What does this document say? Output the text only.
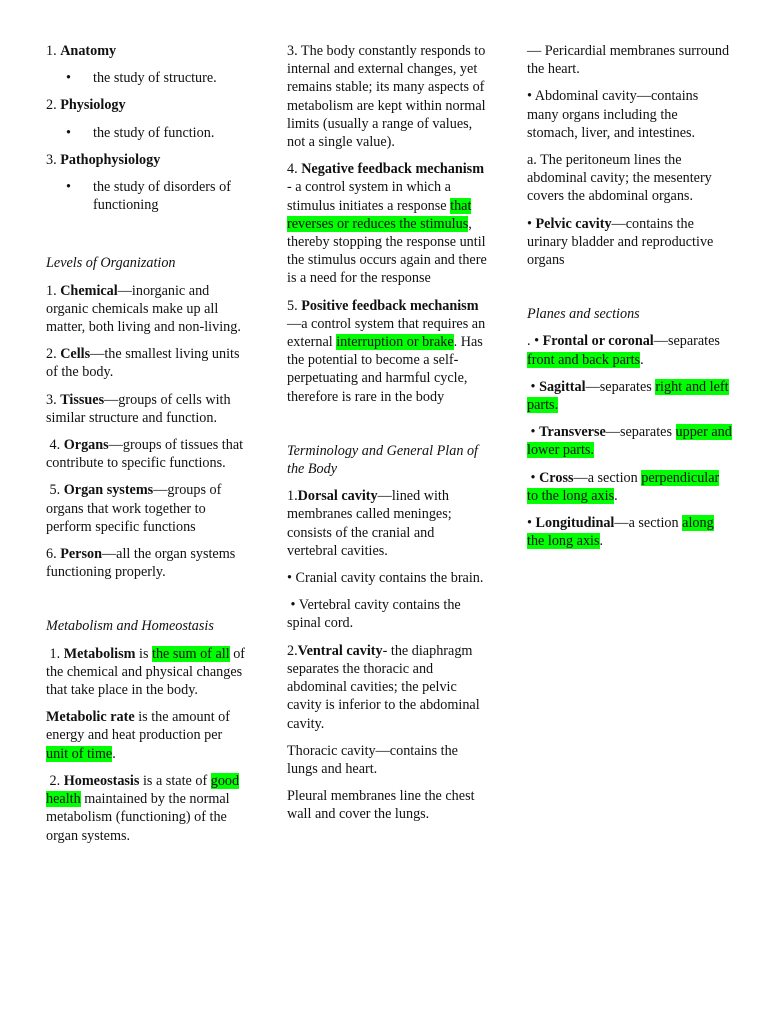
1. Anatomy

• the study of structure.

2. Physiology

• the study of function.

3. Pathophysiology

• the study of disorders of functioning

Levels of Organization

1. Chemical—inorganic and organic chemicals make up all matter, both living and non-living.

2. Cells—the smallest living units of the body.

3. Tissues—groups of cells with similar structure and function.

4. Organs—groups of tissues that contribute to specific functions.

5. Organ systems—groups of organs that work together to perform specific functions

6. Person—all the organ systems functioning properly.

Metabolism and Homeostasis

1. Metabolism is the sum of all of the chemical and physical changes that take place in the body.

Metabolic rate is the amount of energy and heat production per unit of time.

2. Homeostasis is a state of good health maintained by the normal metabolism (functioning) of the organ systems.

3. The body constantly responds to internal and external changes, yet remains stable; its many aspects of metabolism are kept within normal limits (usually a range of values, not a single value).

4. Negative feedback mechanism - a control system in which a stimulus initiates a response that reverses or reduces the stimulus, thereby stopping the response until the stimulus occurs again and there is a need for the response

5. Positive feedback mechanism—a control system that requires an external interruption or brake. Has the potential to become a self-perpetuating and harmful cycle, therefore is rare in the body

Terminology and General Plan of the Body

1.Dorsal cavity—lined with membranes called meninges; consists of the cranial and vertebral cavities.

• Cranial cavity contains the brain.

• Vertebral cavity contains the spinal cord.

2.Ventral cavity- the diaphragm separates the thoracic and abdominal cavities; the pelvic cavity is inferior to the abdominal cavity.

Thoracic cavity—contains the lungs and heart.

Pleural membranes line the chest wall and cover the lungs.

— Pericardial membranes surround the heart.

• Abdominal cavity—contains many organs including the stomach, liver, and intestines.

a. The peritoneum lines the abdominal cavity; the mesentery covers the abdominal organs.

• Pelvic cavity—contains the urinary bladder and reproductive organs

Planes and sections

. • Frontal or coronal—separates front and back parts.

• Sagittal—separates right and left parts.

• Transverse—separates upper and lower parts.

• Cross—a section perpendicular to the long axis.

• Longitudinal—a section along the long axis.
